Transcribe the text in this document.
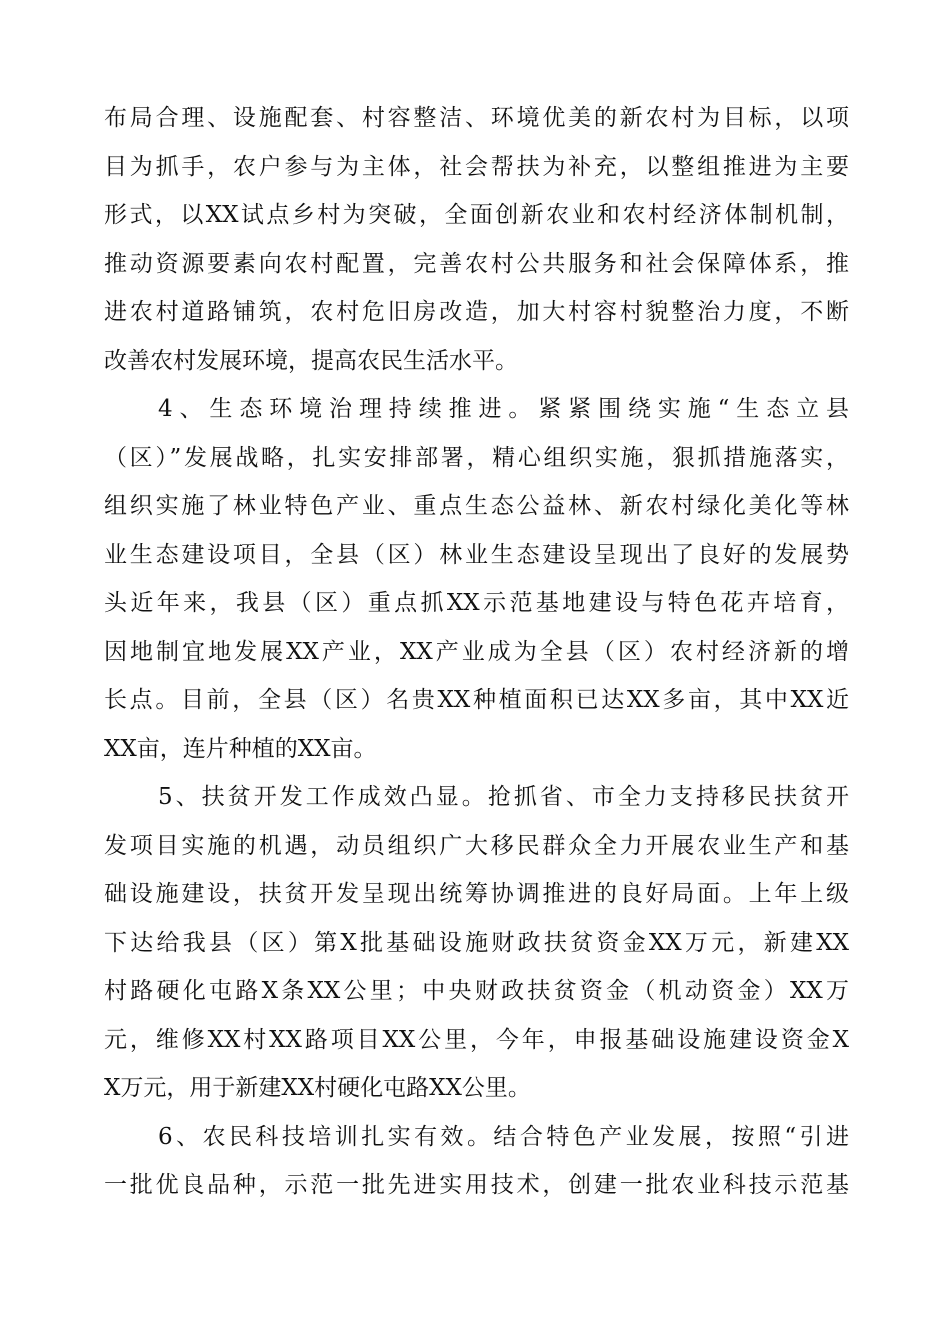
布局合理、设施配套、村容整洁、环境优美的新农村为目标，以项
目为抓手，农户参与为主体，社会帮扶为补充，以整组推进为主要
形式，以XX试点乡村为突破，全面创新农业和农村经济体制机制，
推动资源要素向农村配置，完善农村公共服务和社会保障体系，推
进农村道路铺筑，农村危旧房改造，加大村容村貌整治力度，不断
改善农村发展环境，提高农民生活水平。
4、生态环境治理持续推进。紧紧围绕实施“生态立县
（区）”发展战略，扎实安排部署，精心组织实施，狠抓措施落实，
组织实施了林业特色产业、重点生态公益林、新农村绿化美化等林
业生态建设项目，全县（区）林业生态建设呈现出了良好的发展势
头近年来，我县（区）重点抓XX示范基地建设与特色花卉培育，
因地制宜地发展XX产业，XX产业成为全县（区）农村经济新的增
长点。目前，全县（区）名贵XX种植面积已达XX多亩，其中XX近
XX亩，连片种植的XX亩。
5、扶贫开发工作成效凸显。抢抓省、市全力支持移民扶贫开
发项目实施的机遇，动员组织广大移民群众全力开展农业生产和基
础设施建设，扶贫开发呈现出统筹协调推进的良好局面。上年上级
下达给我县（区）第X批基础设施财政扶贫资金XX万元，新建XX
村路硬化屯路X条XX公里；中央财政扶贫资金（机动资金）XX万
元，维修XX村XX路项目XX公里，今年，申报基础设施建设资金X
X万元，用于新建XX村硬化屯路XX公里。
6、农民科技培训扎实有效。结合特色产业发展，按照“引进
一批优良品种，示范一批先进实用技术，创建一批农业科技示范基
